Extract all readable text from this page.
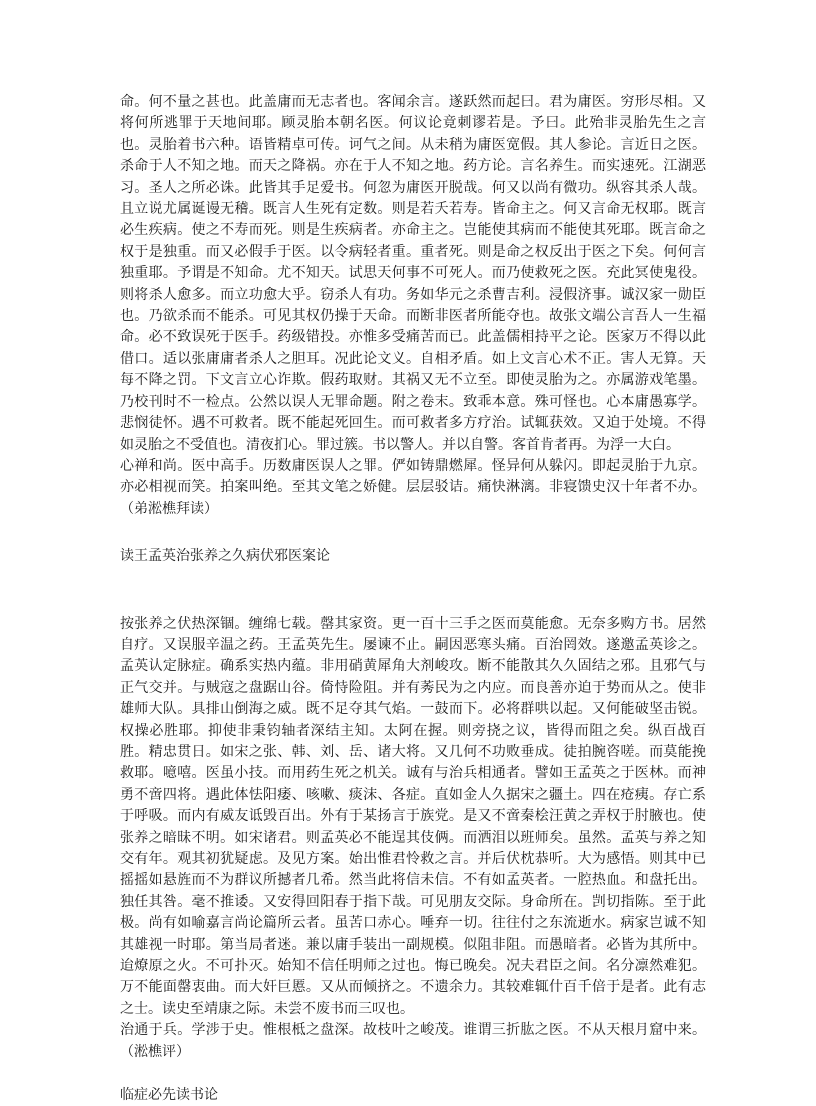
命。何不量之甚也。此盖庸而无志者也。客闻余言。遂跃然而起曰。君为庸医。穷形尽相。又将何所逃罪于天地间耶。顾灵胎本朝名医。何议论竟刺谬若是。予曰。此殆非灵胎先生之言也。灵胎着书六种。语皆精卓可传。诃气之间。从未稍为庸医宽假。其人参论。言近日之医。杀命于人不知之地。而天之降祸。亦在于人不知之地。药方论。言名养生。而实速死。江湖恶习。圣人之所必诛。此皆其手足爱书。何忽为庸医开脱哉。何又以尚有微功。纵容其杀人哉。且立说尤属诞谩无稽。既言人生死有定数。则是若夭若寿。皆命主之。何又言命无权耶。既言必生疾病。使之不寿而死。则是生疾病者。亦命主之。岂能使其病而不能使其死耶。既言命之权于是独重。而又必假手于医。以令病轻者重。重者死。则是命之权反出于医之下矣。何何言独重耶。予谓是不知命。尤不知天。试思天何事不可死人。而乃使救死之医。充此冥使鬼役。则将杀人愈多。而立功愈大乎。窃杀人有功。务如华元之杀曹吉利。浸假济事。诚汉家一勋臣也。乃欲杀而不能杀。可见其权仍操于天命。而断非医者所能夺也。故张文端公言吾人一生福命。必不致误死于医手。药级错投。亦惟多受痛苦而已。此盖儒相持平之论。医家万不得以此借口。适以张庸庸者杀人之胆耳。况此论文义。自相矛盾。如上文言心术不正。害人无算。天每不降之罚。下文言立心诈欺。假药取财。其祸又无不立至。即使灵胎为之。亦属游戏笔墨。乃校刊时不一检点。公然以误人无罪命题。附之卷末。致乖本意。殊可怪也。心本庸愚寡学。悲悯徒怀。遇不可救者。既不能起死回生。而可救者多方疗治。试辄获效。又迫于处境。不得如灵胎之不受值也。清夜扪心。罪过簇。书以警人。并以自警。客首肯者再。为浮一大白。

心禅和尚。医中高手。历数庸医误人之罪。俨如铸鼎燃犀。怪异何从躲闪。即起灵胎于九京。亦必相视而笑。拍案叫绝。至其文笔之娇健。层层驳诘。痛快淋漓。非寝馈史汉十年者不办。（弟淞樵拜读）

读王孟英治张养之久病伏邪医案论

按张养之伏热深锢。缠绵七载。罄其家资。更一百十三手之医而莫能愈。无奈多购方书。居然自疗。又误服辛温之药。王孟英先生。屡谏不止。嗣因恶寒头痛。百治罔效。遂邀孟英诊之。孟英认定脉症。确系实热内蕴。非用硝黄犀角大剂峻攻。断不能散其久久固结之邪。且邪气与正气交并。与贼寇之盘踞山谷。倚恃险阻。并有莠民为之内应。而良善亦迫于势而从之。使非雄师大队。具排山倒海之威。既不足夺其气焰。一鼓而下。必将群哄以起。又何能破坚击锐。权操必胜耶。抑使非秉钧轴者深结主知。太阿在握。则旁挠之议，皆得而阻之矣。纵百战百胜。精忠贯日。如宋之张、韩、刘、岳、诸大将。又几何不功败垂成。徒拍腕咨嗟。而莫能挽救耶。噫嘻。医虽小技。而用药生死之机关。诚有与治兵相通者。譬如王孟英之于医林。而神勇不啻四将。遇此体怯阳痿、咳嗽、痰沫、各症。直如金人久据宋之疆土。四在疮痍。存亡系于呼吸。而内有威友诋毁百出。外有于某扬言于族党。是又不啻秦桧汪黄之弄权于肘腋也。使张养之暗昧不明。如宋诸君。则孟英必不能逞其伎俩。而洒泪以班师矣。虽然。孟英与养之知交有年。观其初犹疑虑。及见方案。始出惟君怜救之言。并后伏枕恭听。大为感悟。则其中已摇摇如悬旌而不为群议所撼者几希。然当此将信未信。不有如孟英者。一腔热血。和盘托出。独任其咎。毫不推诿。又安得回阳春于指下哉。可见朋友交际。身命所在。剀切指陈。至于此极。尚有如喻嘉言尚论篇所云者。虽苦口赤心。唾弃一切。往往付之东流逝水。病家岂诚不知其雄视一时耶。第当局者迷。兼以庸手装出一副规模。似阻非阻。而愚暗者。必皆为其所中。迨燎原之火。不可扑灭。始知不信任明师之过也。悔已晚矣。况夫君臣之间。名分凛然难犯。万不能面罄衷曲。而大奸巨慝。又从而倾挤之。不遗余力。其较难辄什百千倍于是者。此有志之士。读史至靖康之际。未尝不废书而三叹也。

治通于兵。学涉于史。惟根柢之盘深。故枝叶之峻茂。谁谓三折肱之医。不从天根月窟中来。（淞樵评）

临症必先读书论
